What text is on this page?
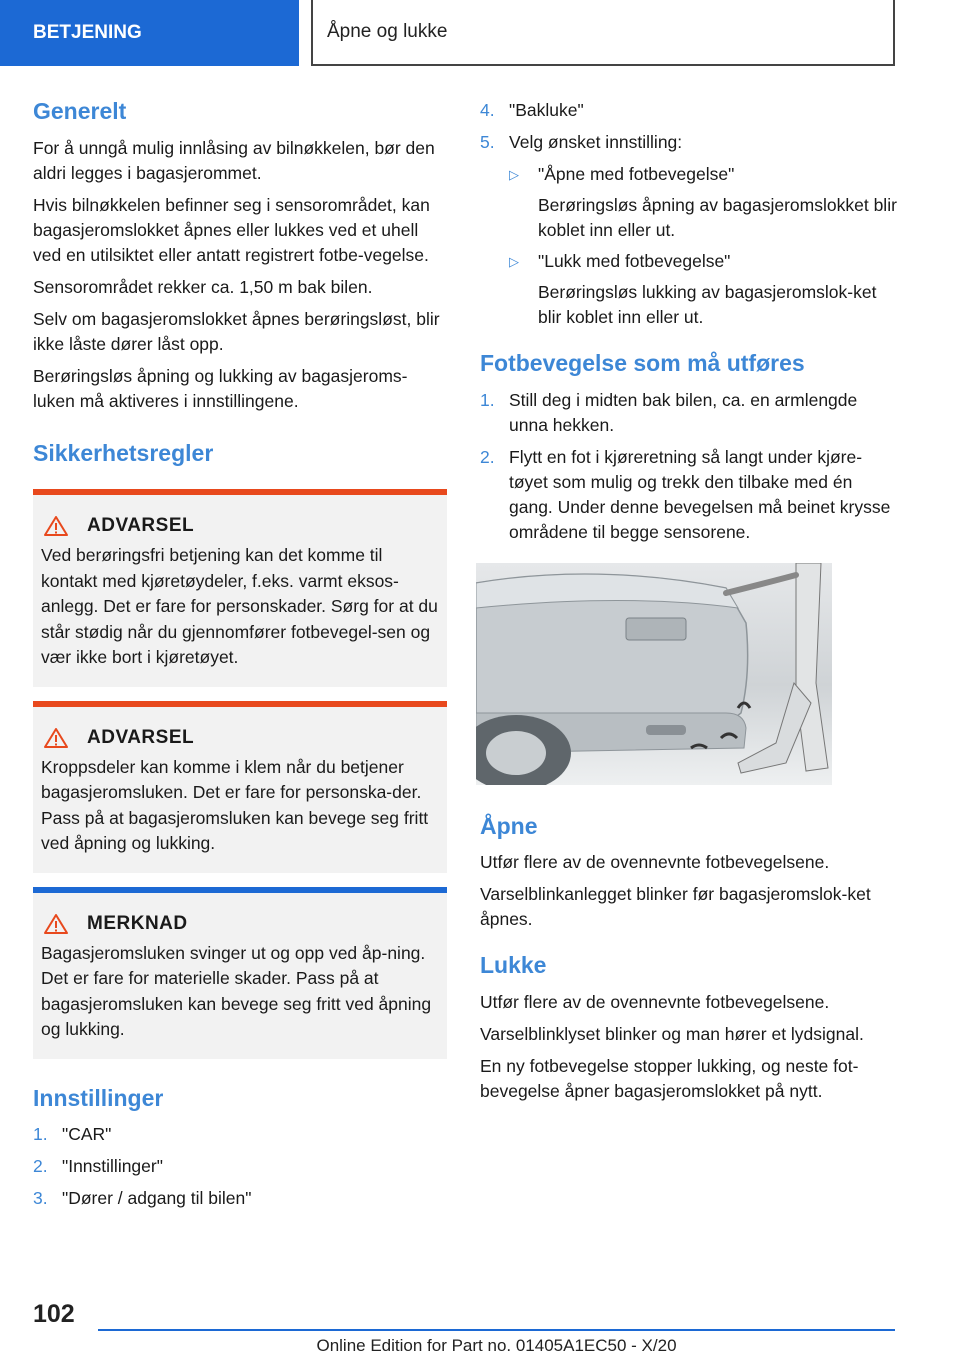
BETJENING	Åpne og lukke
Generelt

For å unngå mulig innlåsing av bilnøkkelen, bør den aldri legges i bagasjerommet.

Hvis bilnøkkelen befinner seg i sensorområdet, kan bagasjeromslokket åpnes eller lukkes ved et uhell ved en utilsiktet eller antatt registrert fotbe-vegelse.

Sensorområdet rekker ca. 1,50 m bak bilen.

Selv om bagasjeromslokket åpnes berøringsløst, blir ikke låste dører låst opp.

Berøringsløs åpning og lukking av bagasjeroms-luken må aktiveres i innstillingene.

Sikkerhetsregler
ADVARSEL

Ved berøringsfri betjening kan det komme til kontakt med kjøretøydeler, f.eks. varmt eksos-anlegg. Det er fare for personskader. Sørg for at du står stødig når du gjennomfører fotbevegel-sen og vær ikke bort i kjøretøyet.

ADVARSEL

Kroppsdeler kan komme i klem når du betjener bagasjeromsluken. Det er fare for personska-der. Pass på at bagasjeromsluken kan bevege seg fritt ved åpning og lukking.

MERKNAD

Bagasjeromsluken svinger ut og opp ved åp-ning. Det er fare for materielle skader. Pass på at bagasjeromsluken kan bevege seg fritt ved åpning og lukking.

Innstillinger
1. "CAR"
2. "Innstillinger"
3. "Dører / adgang til bilen"
4. "Bakluke"
5. Velg ønsket innstilling:
▷	"Åpne med fotbevegelse"
Berøringsløs åpning av bagasjeromslokket blir koblet inn eller ut.
▷	"Lukk med fotbevegelse"
Berøringsløs lukking av bagasjeromslok-ket blir koblet inn eller ut.
Fotbevegelse som må utføres
1. Still deg i midten bak bilen, ca. en armlengde unna hekken.
2. Flytt en fot i kjøreretning så langt under kjøre-tøyet som mulig og trekk den tilbake med én gang. Under denne bevegelsen må beinet krysse områdene til begge sensorene.
Åpne

Utfør flere av de ovennevnte fotbevegelsene.

Varselblinkanlegget blinker før bagasjeromslok-ket åpnes.

Lukke

Utfør flere av de ovennevnte fotbevegelsene.

Varselblinklyset blinker og man hører et lydsignal.

En ny fotbevegelse stopper lukking, og neste fot-bevegelse åpner bagasjeromslokket på nytt.

102
Online Edition for Part no. 01405A1EC50 - X/20
